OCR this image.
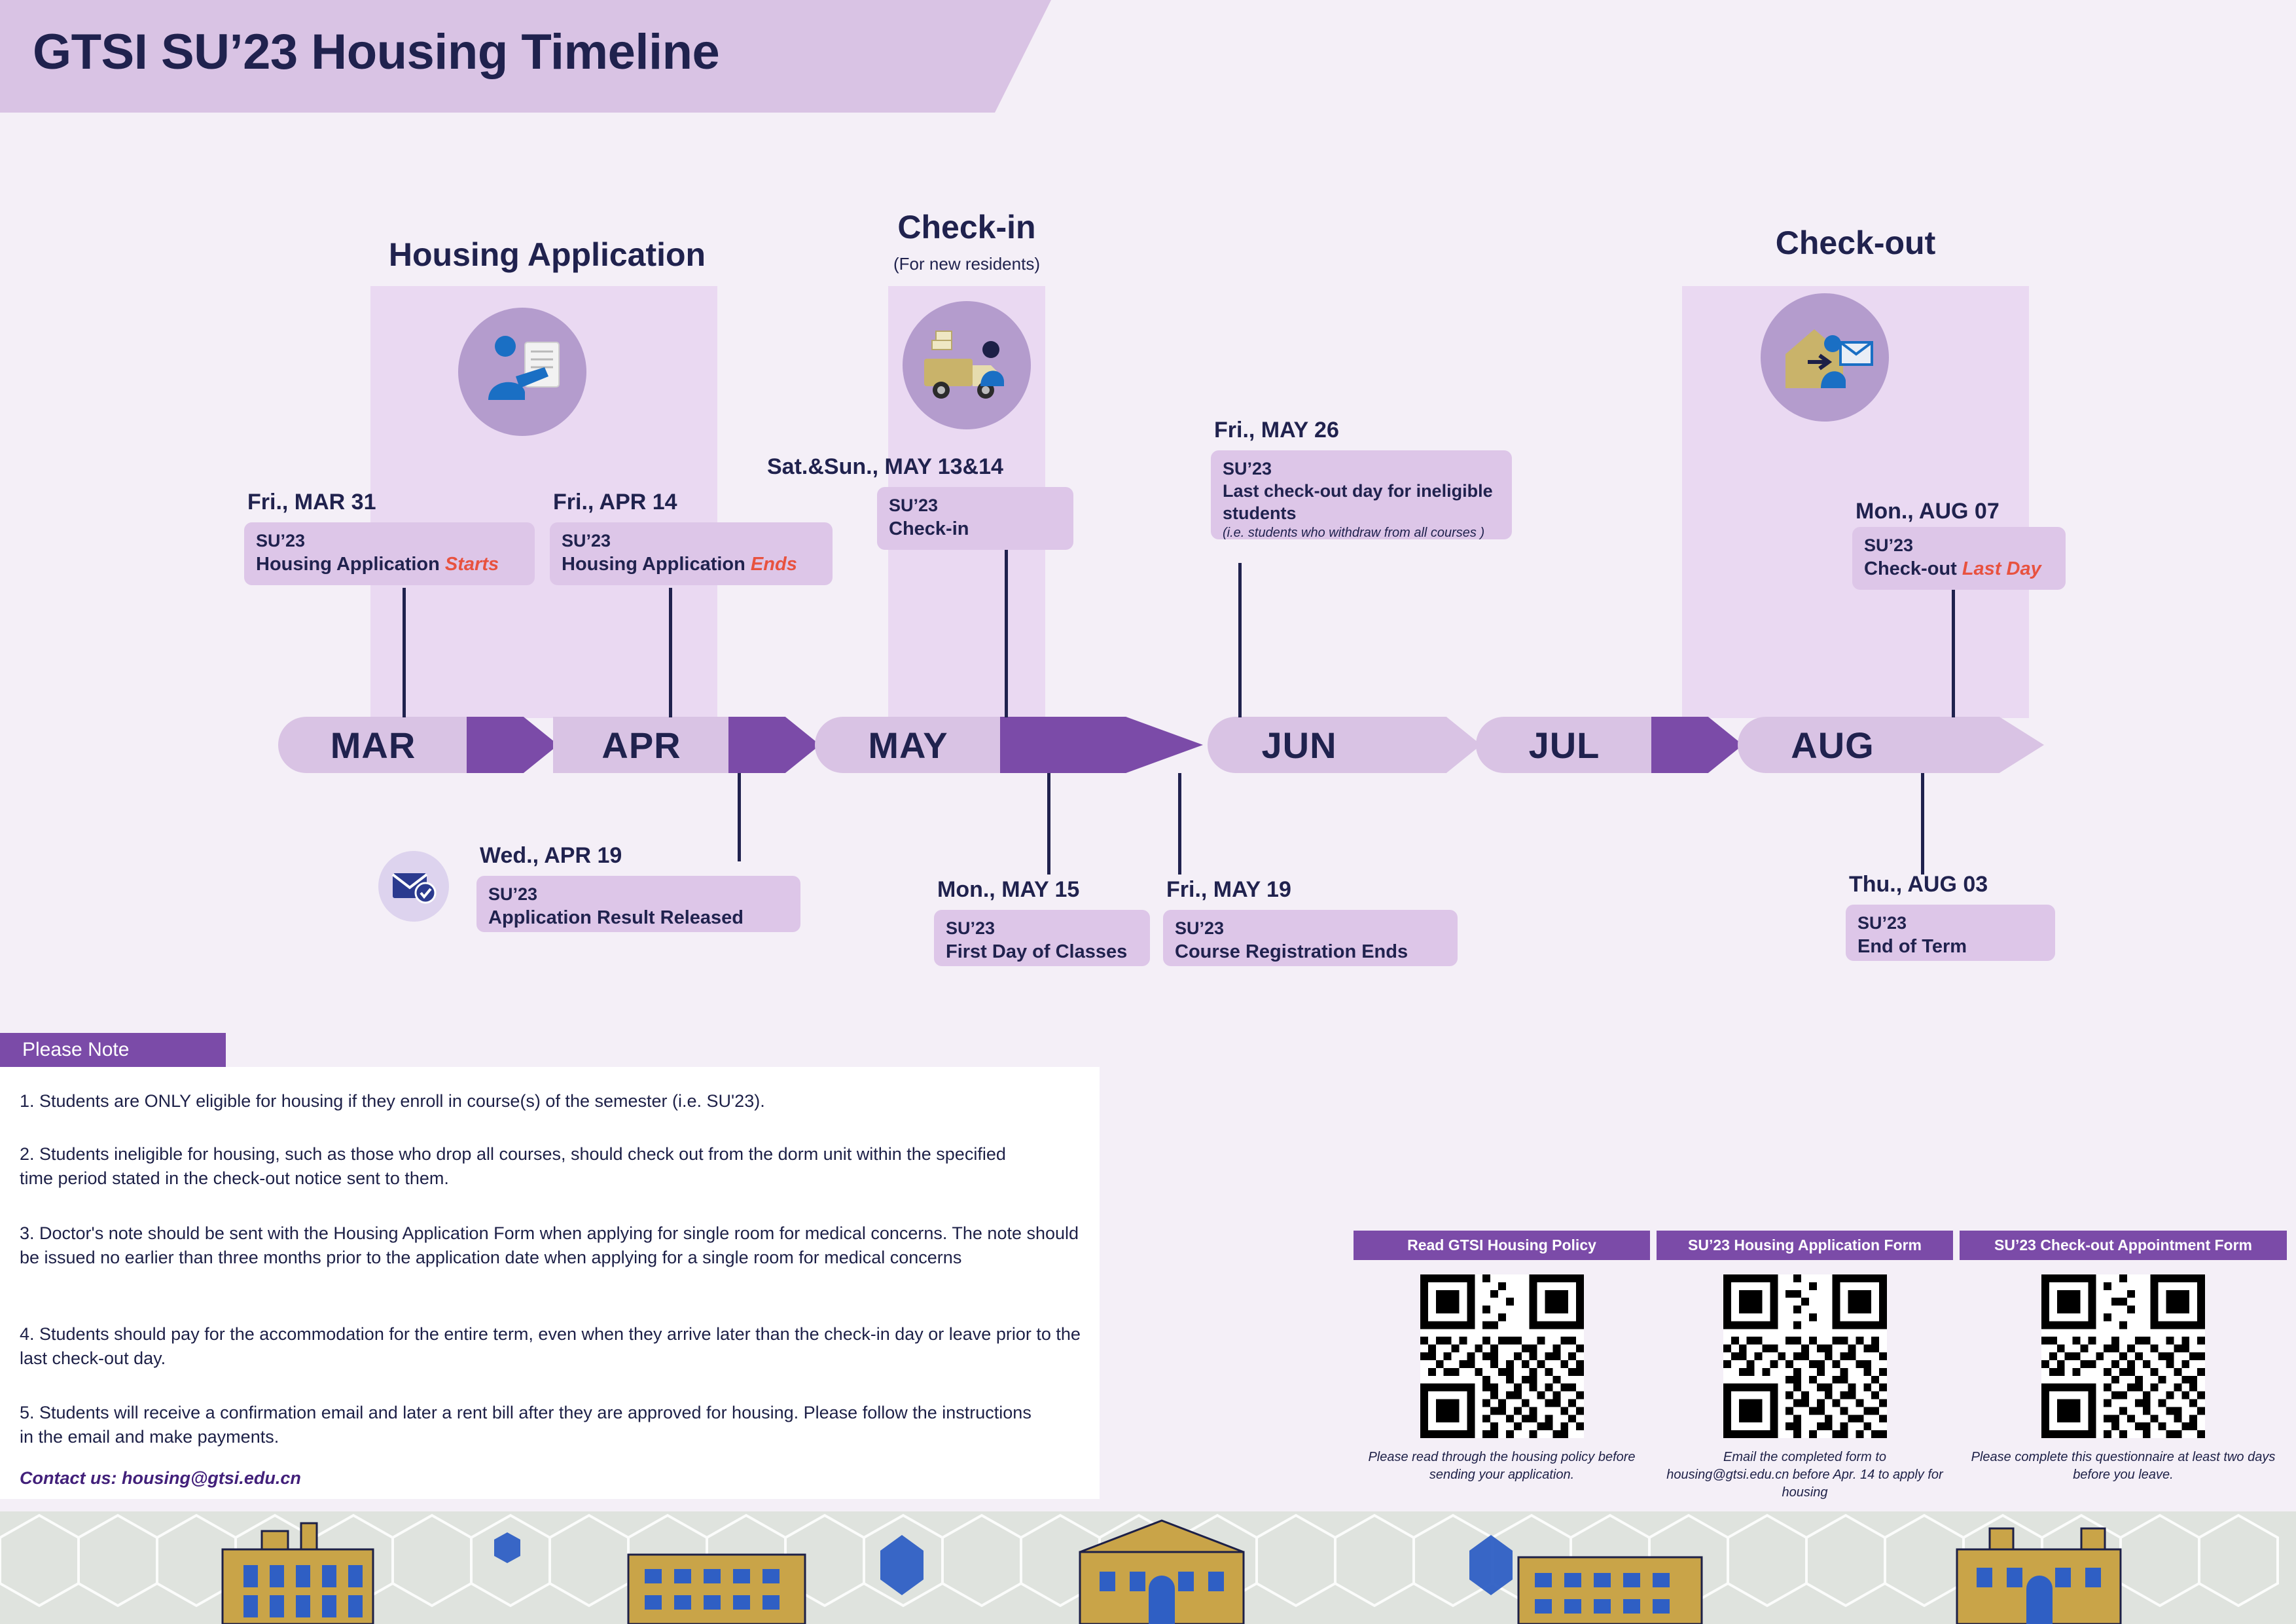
GTSI SU’23 Housing Timeline
Housing Application
Check-in
(For new residents)
Check-out
MAR	APR	MAY	JUN	JUL	AUG
Fri., MAR 31
SU’23
Housing Application Starts
Fri., APR 14
SU’23
Housing Application Ends
Sat.&Sun., MAY 13&14
SU’23
Check-in
Fri., MAY 26
SU’23
Last check-out day for ineligible students
(i.e. students who withdraw from all courses )
Mon., AUG 07
SU’23
Check-out Last Day
Wed., APR 19
SU’23
Application Result Released
Mon., MAY 15
SU’23
First Day of Classes
Fri., MAY 19
SU’23
Course Registration Ends
Thu., AUG 03
SU’23
End of Term
Please Note
1. Students are ONLY eligible for housing if they enroll in course(s) of the semester (i.e. SU'23).
2. Students ineligible for housing, such as those who drop all courses, should check out from the dorm unit within the specified time period stated in the check-out notice sent to them.
3. Doctor's note should be sent with the Housing Application Form when applying for single room for medical concerns. The note should be issued no earlier than three months prior to the application date when applying for a single room for medical concerns
4. Students should pay for the accommodation for the entire term, even when they arrive later than the check-in day or leave prior to the last check-out day.
5. Students will receive a confirmation email and later a rent bill after they are approved for housing. Please follow the instructions in the email and make payments.
Contact us: housing@gtsi.edu.cn
Read GTSI Housing Policy
Please read through the housing policy before sending your application.
SU’23 Housing Application Form
Email the completed form to housing@gtsi.edu.cn before Apr. 14 to apply for housing
SU’23 Check-out Appointment Form
Please complete this questionnaire at least two days before you leave.
